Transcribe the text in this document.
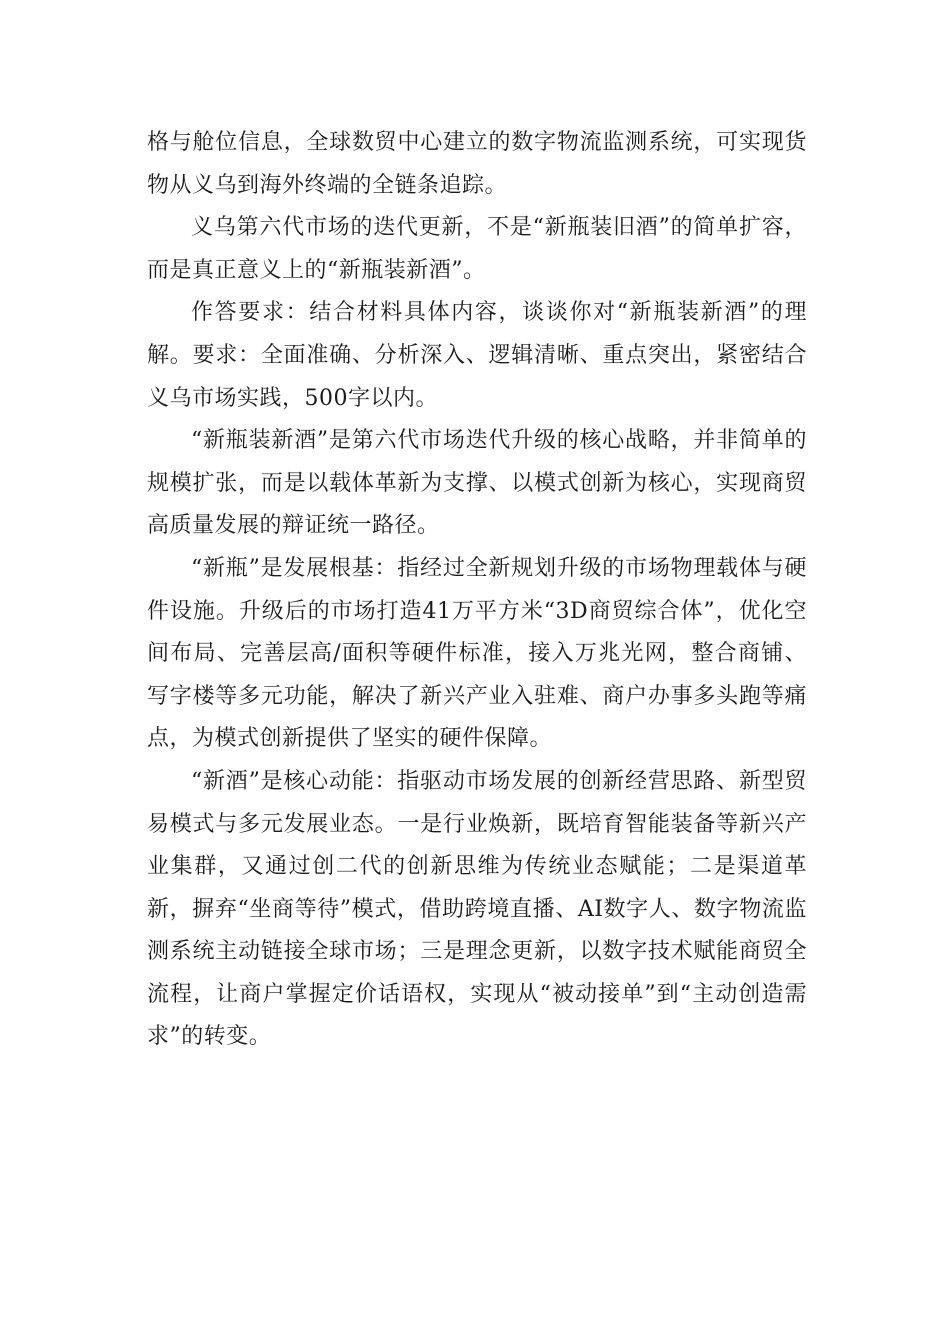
格与舱位信息，全球数贸中心建立的数字物流监测系统，可实现货物从义乌到海外终端的全链条追踪。

义乌第六代市场的迭代更新，不是“新瓶装旧酒”的简单扩容，而是真正意义上的“新瓶装新酒”。

作答要求：结合材料具体内容，谈谈你对“新瓶装新酒”的理解。要求：全面准确、分析深入、逻辑清晰、重点突出，紧密结合义乌市场实践，500字以内。

“新瓶装新酒”是第六代市场迭代升级的核心战略，并非简单的规模扩张，而是以载体革新为支撑、以模式创新为核心，实现商贸高质量发展的辩证统一路径。

“新瓶”是发展根基：指经过全新规划升级的市场物理载体与硬件设施。升级后的市场打造41万平方米“3D商贸综合体”，优化空间布局、完善层高/面积等硬件标准，接入万兆光网，整合商铺、写字楼等多元功能，解决了新兴产业入驻难、商户办事多头跑等痛点，为模式创新提供了坚实的硬件保障。

“新酒”是核心动能：指驱动市场发展的创新经营思路、新型贸易模式与多元发展业态。一是行业焕新，既培育智能装备等新兴产业集群，又通过创二代的创新思维为传统业态赋能；二是渠道革新，摒弃“坐商等待”模式，借助跨境直播、AI数字人、数字物流监测系统主动链接全球市场；三是理念更新，以数字技术赋能商贸全流程，让商户掌握定价话语权，实现从“被动接单”到“主动创造需求”的转变。
